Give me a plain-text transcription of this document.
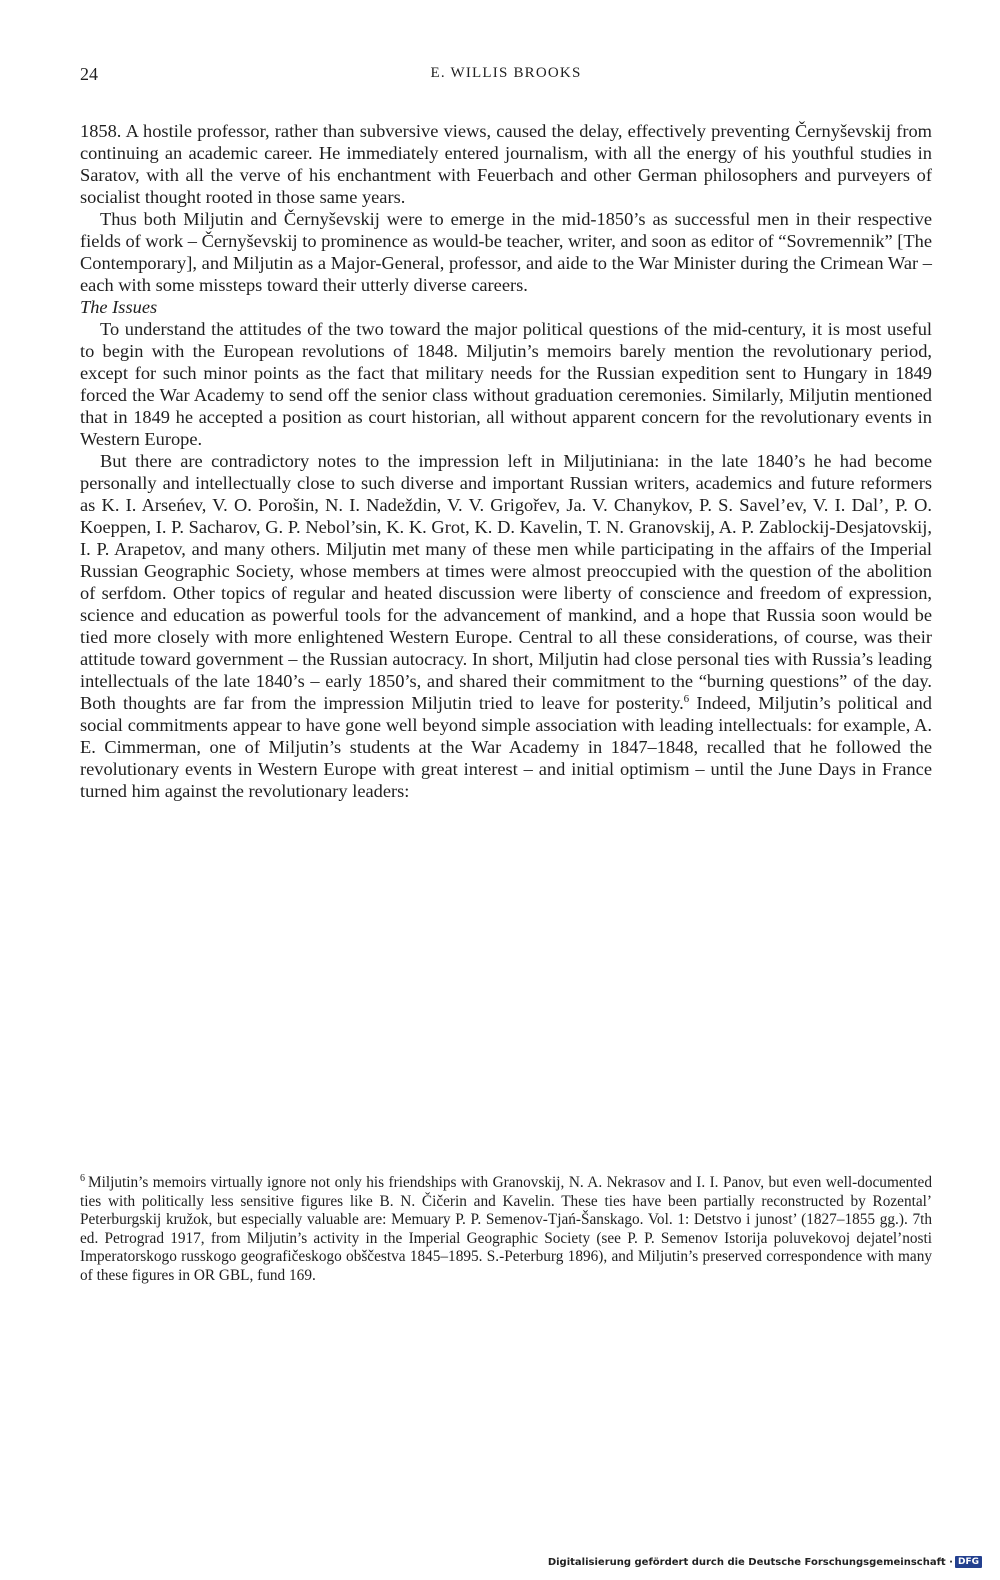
24	E. WILLIS BROOKS

1858. A hostile professor, rather than subversive views, caused the delay, effectively preventing Černyševskij from continuing an academic career. He immediately entered journalism, with all the energy of his youthful studies in Saratov, with all the verve of his enchantment with Feuerbach and other German philosophers and purveyers of socialist thought rooted in those same years.

Thus both Miljutin and Černyševskij were to emerge in the mid-1850’s as successful men in their respective fields of work – Černyševskij to prominence as would-be teacher, writer, and soon as editor of “Sovremennik” [The Contemporary], and Miljutin as a Major-General, professor, and aide to the War Minister during the Crimean War – each with some missteps toward their utterly diverse careers.

The Issues

To understand the attitudes of the two toward the major political questions of the mid-century, it is most useful to begin with the European revolutions of 1848. Miljutin’s memoirs barely mention the revolutionary period, except for such minor points as the fact that military needs for the Russian expedition sent to Hungary in 1849 forced the War Academy to send off the senior class without graduation ceremonies. Similarly, Miljutin mentioned that in 1849 he accepted a position as court historian, all without apparent concern for the revolutionary events in Western Europe.

But there are contradictory notes to the impression left in Miljutiniana: in the late 1840’s he had become personally and intellectually close to such diverse and important Russian writers, academics and future reformers as K. I. Arseńev, V. O. Porošin, N. I. Nadeždin, V. V. Grigořev, Ja. V. Chanykov, P. S. Savel’ev, V. I. Dal’, P. O. Koeppen, I. P. Sacharov, G. P. Nebol’sin, K. K. Grot, K. D. Kavelin, T. N. Granovskij, A. P. Zablockij-Desjatovskij, I. P. Arapetov, and many others. Miljutin met many of these men while participating in the affairs of the Imperial Russian Geographic Society, whose members at times were almost preoccupied with the question of the abolition of serfdom. Other topics of regular and heated discussion were liberty of conscience and freedom of expression, science and education as powerful tools for the advancement of mankind, and a hope that Russia soon would be tied more closely with more enlightened Western Europe. Central to all these considerations, of course, was their attitude toward government – the Russian autocracy. In short, Miljutin had close personal ties with Russia’s leading intellectuals of the late 1840’s – early 1850’s, and shared their commitment to the “burning questions” of the day. Both thoughts are far from the impression Miljutin tried to leave for posterity.$^6$ Indeed, Miljutin’s political and social commitments appear to have gone well beyond simple association with leading intellectuals: for example, A. E. Cimmerman, one of Miljutin’s students at the War Academy in 1847–1848, recalled that he followed the revolutionary events in Western Europe with great interest – and initial optimism – until the June Days in France turned him against the revolutionary leaders:

$^6$ Miljutin’s memoirs virtually ignore not only his friendships with Granovskij, N. A. Nekrasov and I. I. Panov, but even well-documented ties with politically less sensitive figures like B. N. Čičerin and Kavelin. These ties have been partially reconstructed by Rozental’ Peterburgskij kružok, but especially valuable are: Memuary P. P. Semenov-Tjań-Šanskago. Vol. 1: Detstvo i junost’ (1827–1855 gg.). 7th ed. Petrograd 1917, from Miljutin’s activity in the Imperial Geographic Society (see P. P. Semenov Istorija poluvekovoj dejatel’nosti Imperatorskogo russkogo geografičeskogo obščestva 1845–1895. S.-Peterburg 1896), and Miljutin’s preserved correspondence with many of these figures in OR GBL, fund 169.
Digitalisierung gefördert durch die Deutsche Forschungsgemeinschaft · DFG
